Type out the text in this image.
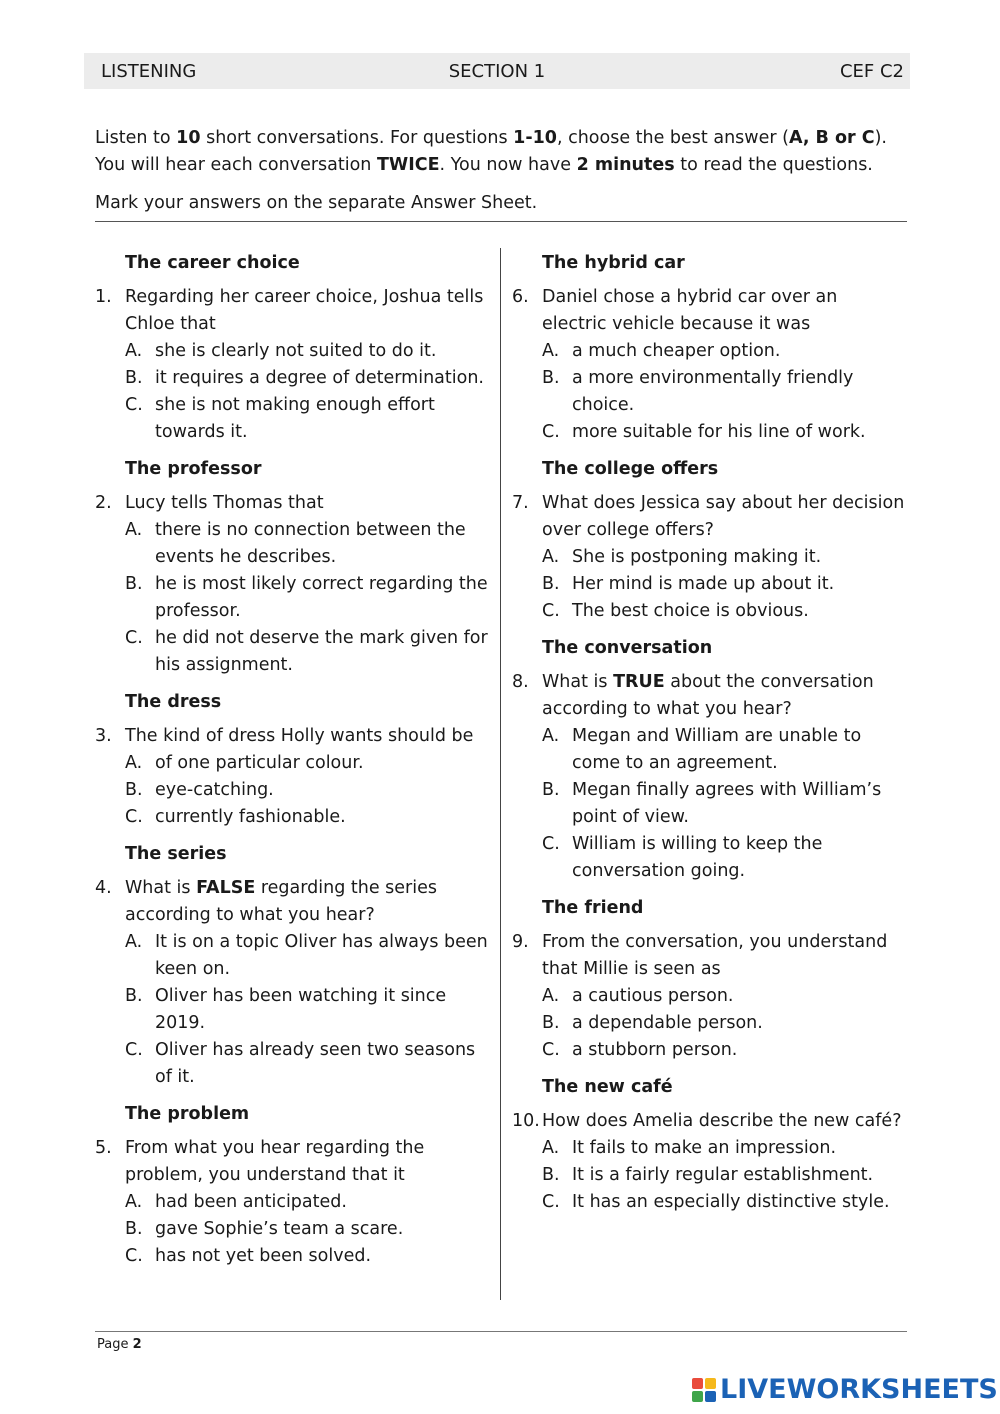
LISTENING	SECTION 1	CEF C2
Listen to 10 short conversations. For questions 1-10, choose the best answer (A, B or C).
You will hear each conversation TWICE. You now have 2 minutes to read the questions.
Mark your answers on the separate Answer Sheet.
The career choice
1. Regarding her career choice, Joshua tells Chloe that
A. she is clearly not suited to do it.
B. it requires a degree of determination.
C. she is not making enough effort towards it.
The professor
2. Lucy tells Thomas that
A. there is no connection between the events he describes.
B. he is most likely correct regarding the professor.
C. he did not deserve the mark given for his assignment.
The dress
3. The kind of dress Holly wants should be
A. of one particular colour.
B. eye-catching.
C. currently fashionable.
The series
4. What is FALSE regarding the series according to what you hear?
A. It is on a topic Oliver has always been keen on.
B. Oliver has been watching it since 2019.
C. Oliver has already seen two seasons of it.
The problem
5. From what you hear regarding the problem, you understand that it
A. had been anticipated.
B. gave Sophie’s team a scare.
C. has not yet been solved.
The hybrid car
6. Daniel chose a hybrid car over an electric vehicle because it was
A. a much cheaper option.
B. a more environmentally friendly choice.
C. more suitable for his line of work.
The college offers
7. What does Jessica say about her decision over college offers?
A. She is postponing making it.
B. Her mind is made up about it.
C. The best choice is obvious.
The conversation
8. What is TRUE about the conversation according to what you hear?
A. Megan and William are unable to come to an agreement.
B. Megan finally agrees with William’s point of view.
C. William is willing to keep the conversation going.
The friend
9. From the conversation, you understand that Millie is seen as
A. a cautious person.
B. a dependable person.
C. a stubborn person.
The new café
10. How does Amelia describe the new café?
A. It fails to make an impression.
B. It is a fairly regular establishment.
C. It has an especially distinctive style.
Page 2
LIVEWORKSHEETS
